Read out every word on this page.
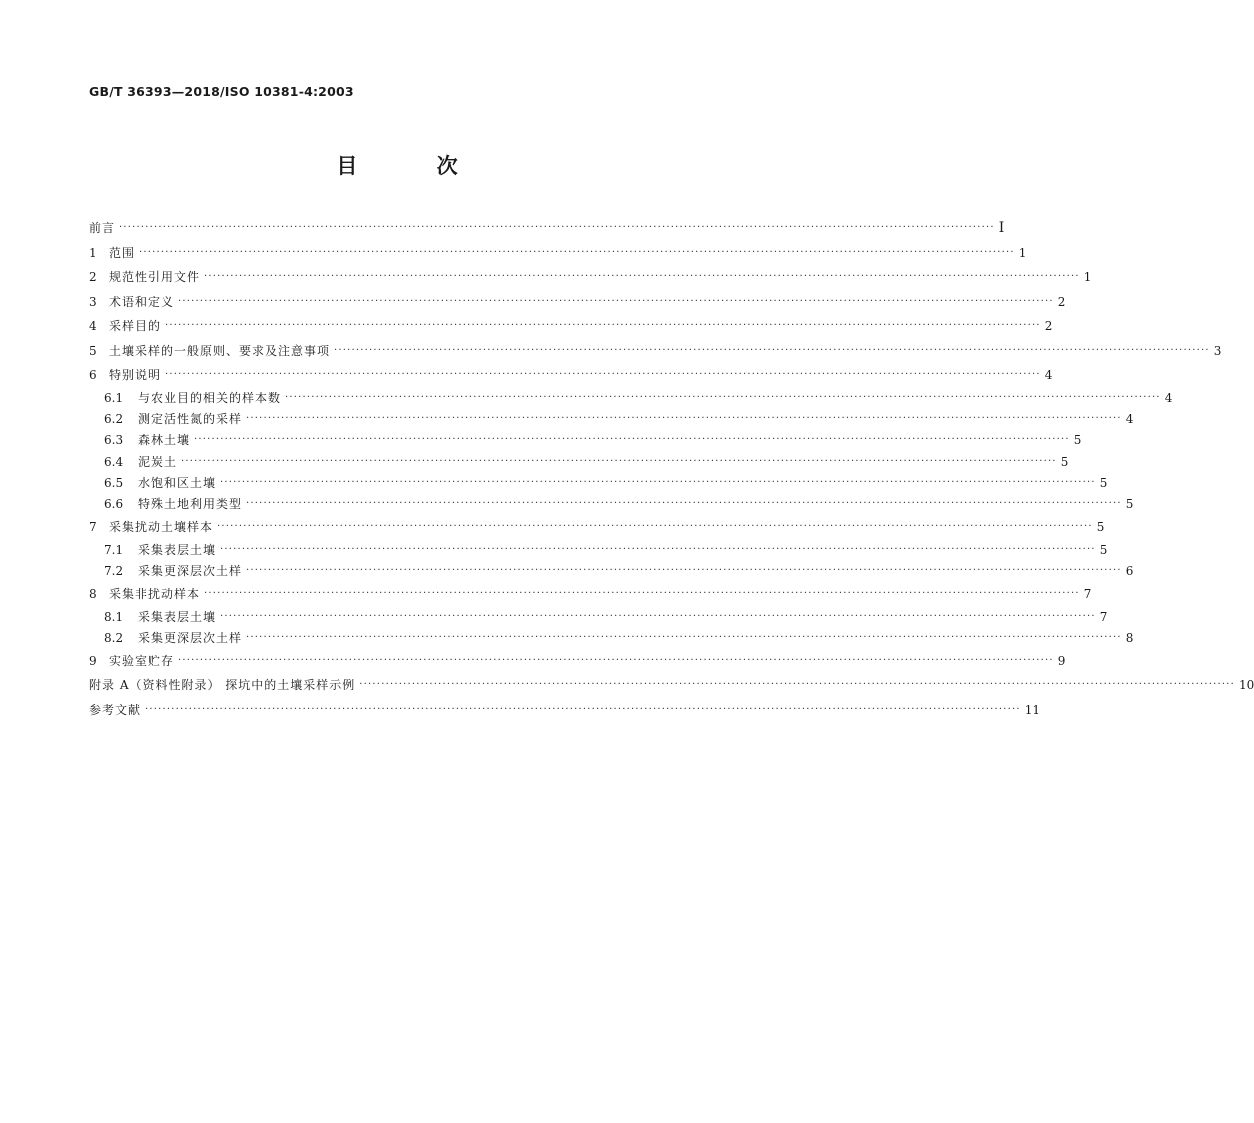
GB/T 36393—2018/ISO 10381-4:2003
目 次
前言 ········································································································································································································ Ⅰ
1	范围 ········································································································································································································ 1
2	规范性引用文件 ········································································································································································································ 1
3	术语和定义 ········································································································································································································ 2
4	采样目的 ········································································································································································································ 2
5	土壤采样的一般原则、要求及注意事项 ········································································································································································································ 3
6	特别说明 ········································································································································································································ 4
6.1	与农业目的相关的样本数 ········································································································································································································ 4
6.2	测定活性氮的采样 ········································································································································································································ 4
6.3	森林土壤 ········································································································································································································ 5
6.4	泥炭土 ········································································································································································································ 5
6.5	水饱和区土壤 ········································································································································································································ 5
6.6	特殊土地利用类型 ········································································································································································································ 5
7	采集扰动土壤样本 ········································································································································································································ 5
7.1	采集表层土壤 ········································································································································································································ 5
7.2	采集更深层次土样 ········································································································································································································ 6
8	采集非扰动样本 ········································································································································································································ 7
8.1	采集表层土壤 ········································································································································································································ 7
8.2	采集更深层次土样 ········································································································································································································ 8
9	实验室贮存 ········································································································································································································ 9
附录 A（资料性附录） 探坑中的土壤采样示例 ········································································································································································································ 10
参考文献 ········································································································································································································ 11
